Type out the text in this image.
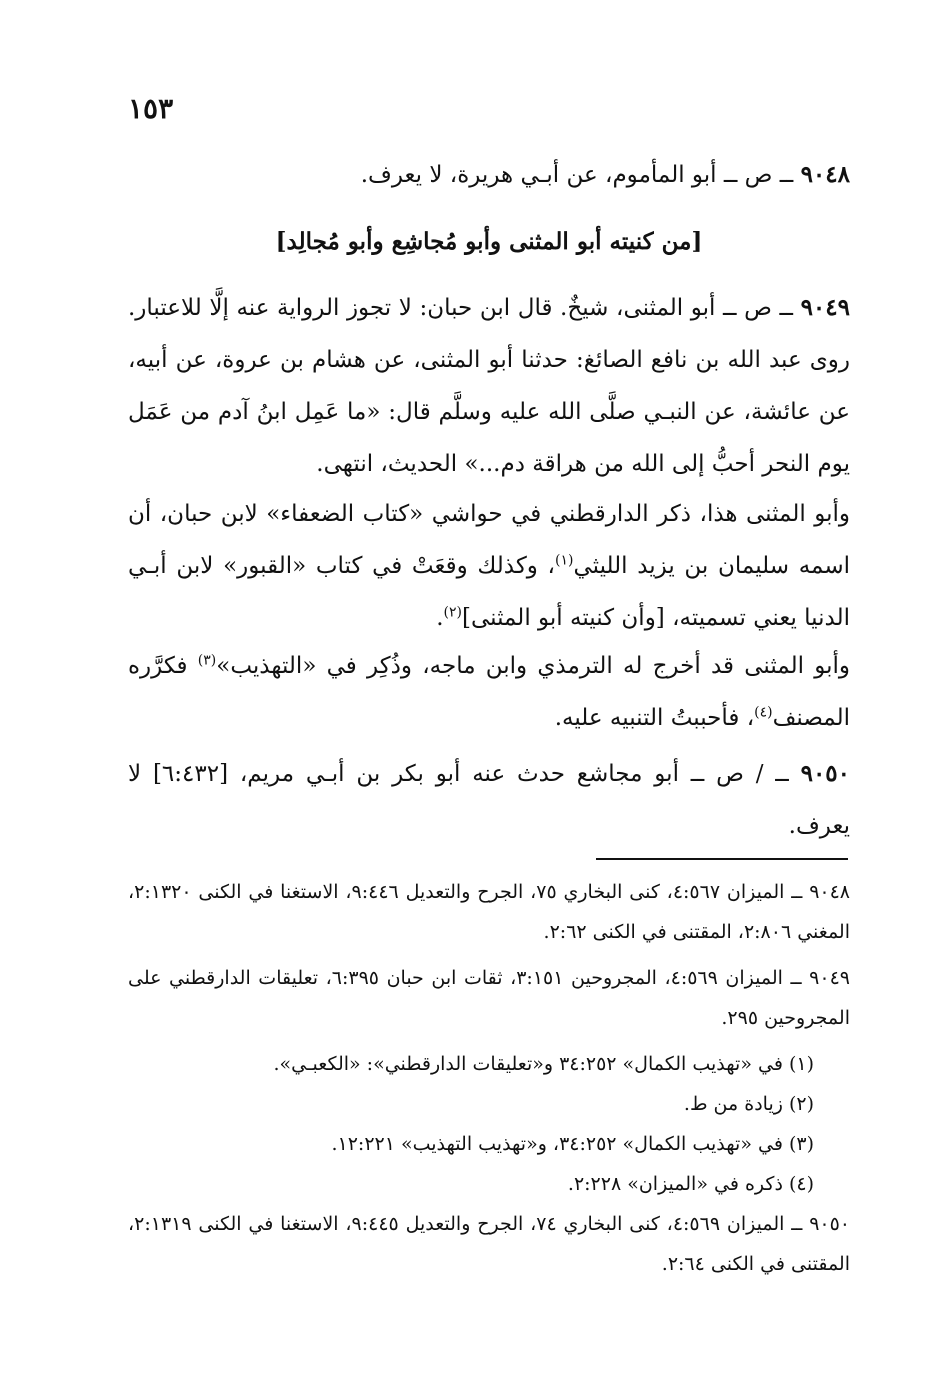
١٥٣
٩٠٤٨ ــ ص ــ أبو المأموم، عن أبـي هريرة، لا يعرف.
[من كنيته أبو المثنى وأبو مُجاشِع وأبو مُجالِد]
٩٠٤٩ ــ ص ــ أبو المثنى، شيخٌ. قال ابن حبان: لا تجوز الرواية عنه إلَّا للاعتبار. روى عبد الله بن نافع الصائغ: حدثنا أبو المثنى، عن هشام بن عروة، عن أبيه، عن عائشة، عن النبـي صلَّى الله عليه وسلَّم قال: «ما عَمِل ابنُ آدم من عَمَل يوم النحر أحبُّ إلى الله من هراقة دم...» الحديث، انتهى.
وأبو المثنى هذا، ذكر الدارقطني في حواشي «كتاب الضعفاء» لابن حبان، أن اسمه سليمان بن يزيد الليثي$^{(١)}$، وكذلك وقعَتْ في كتاب «القبور» لابن أبـي الدنيا يعني تسميته، [وأن كنيته أبو المثنى]$^{(٢)}$.
وأبو المثنى قد أخرج له الترمذي وابن ماجه، وذُكِر في «التهذيب»$^{(٣)}$ فكرَّره المصنف$^{(٤)}$، فأحببتُ التنبيه عليه.
٩٠٥٠ ــ / ص ــ أبو مجاشع حدث عنه أبو بكر بن أبـي مريم، [٦:٤٣٢] لا يعرف.
٩٠٤٨ ــ الميزان ٤:٥٦٧، كنى البخاري ٧٥، الجرح والتعديل ٩:٤٤٦، الاستغنا في الكنى ٢:١٣٢٠، المغني ٢:٨٠٦، المقتنى في الكنى ٢:٦٢.
٩٠٤٩ ــ الميزان ٤:٥٦٩، المجروحين ٣:١٥١، ثقات ابن حبان ٦:٣٩٥، تعليقات الدارقطني على المجروحين ٢٩٥.
(١) في «تهذيب الكمال» ٣٤:٢٥٢ و«تعليقات الدارقطني»: «الكعبـي».
(٢) زيادة من ط.
(٣) في «تهذيب الكمال» ٣٤:٢٥٢، و«تهذيب التهذيب» ١٢:٢٢١.
(٤) ذكره في «الميزان» ٢:٢٢٨.
٩٠٥٠ ــ الميزان ٤:٥٦٩، كنى البخاري ٧٤، الجرح والتعديل ٩:٤٤٥، الاستغنا في الكنى ٢:١٣١٩، المقتنى في الكنى ٢:٦٤.
